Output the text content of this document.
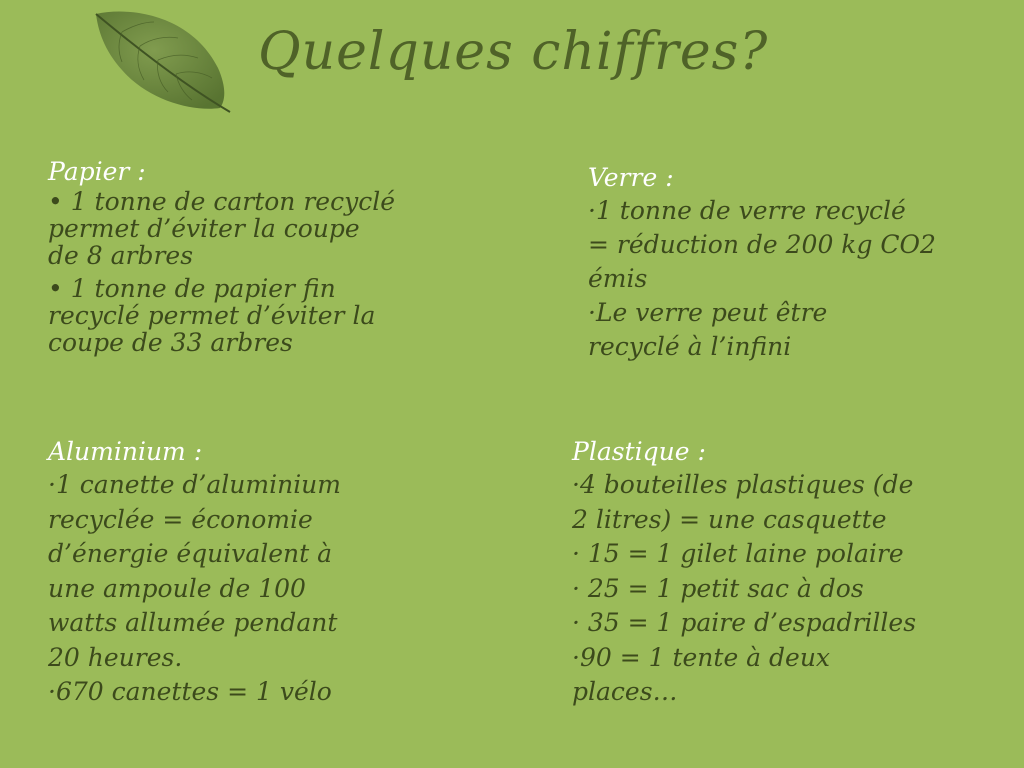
Quelques chiffres?

Papier :

• 1 tonne de carton recyclé

permet d’éviter la coupe

de 8 arbres

• 1 tonne de papier fin

recyclé permet d’éviter la

coupe de 33 arbres

Verre :

·1 tonne de verre recyclé

= réduction de 200 kg CO2

émis

·Le verre peut être

recyclé à l’infini

Aluminium :

·1 canette d’aluminium

recyclée = économie

d’énergie équivalent à

une ampoule de 100

watts allumée pendant

20 heures.

·670 canettes = 1 vélo

Plastique :

·4 bouteilles plastiques (de

2 litres) = une casquette

· 15 = 1 gilet laine polaire

· 25 = 1 petit sac à dos

· 35 = 1 paire d’espadrilles

·90 = 1 tente à deux

places…
